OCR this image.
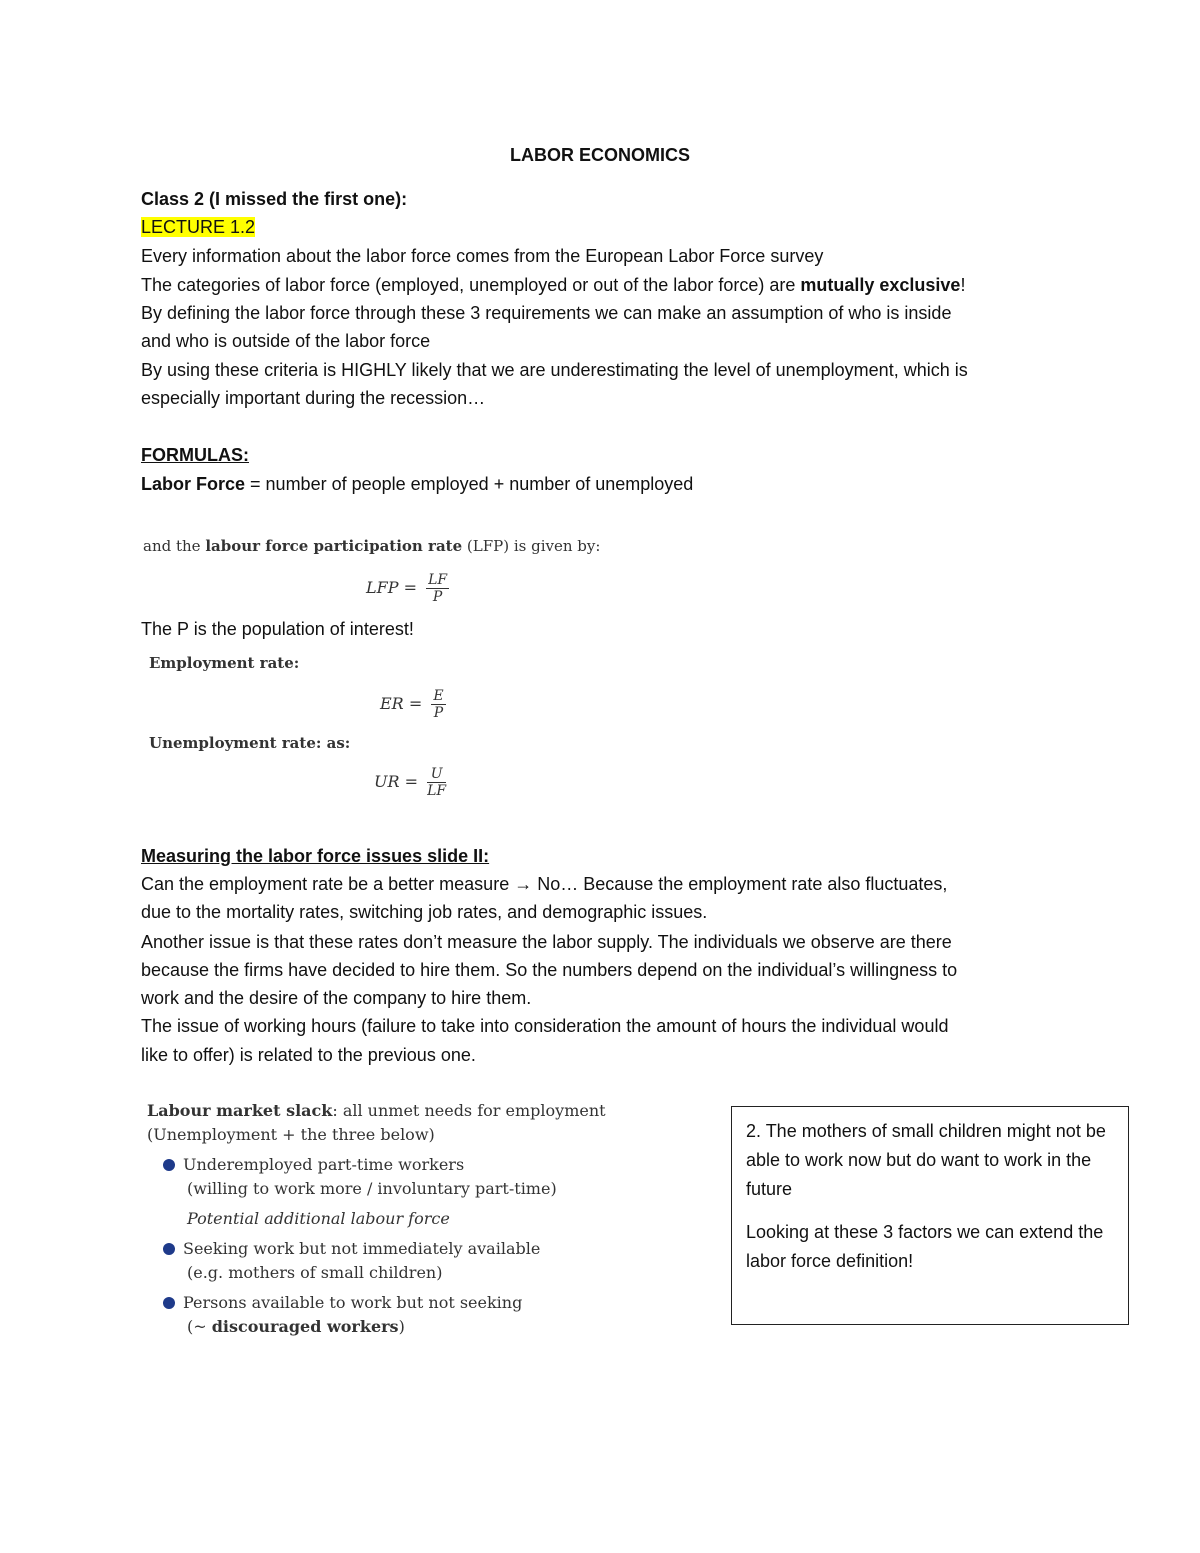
LABOR ECONOMICS
Class 2 (I missed the first one):
LECTURE 1.2
Every information about the labor force comes from the European Labor Force survey
The categories of labor force (employed, unemployed or out of the labor force) are mutually exclusive!
By defining the labor force through these 3 requirements we can make an assumption of who is inside
and who is outside of the labor force
By using these criteria is HIGHLY likely that we are underestimating the level of unemployment, which is
especially important during the recession…
FORMULAS:
Labor Force = number of people employed + number of unemployed
and the labour force participation rate (LFP) is given by:
LFP = $\frac{LF}{P}$
The P is the population of interest!
Employment rate:
ER = $\frac{E}{P}$
Unemployment rate: as:
UR = $\frac{U}{LF}$
Measuring the labor force issues slide II:
Can the employment rate be a better measure → No… Because the employment rate also fluctuates,
due to the mortality rates, switching job rates, and demographic issues.
Another issue is that these rates don’t measure the labor supply. The individuals we observe are there
because the firms have decided to hire them. So the numbers depend on the individual’s willingness to
work and the desire of the company to hire them.
The issue of working hours (failure to take into consideration the amount of hours the individual would
like to offer) is related to the previous one.
Labour market slack: all unmet needs for employment
(Unemployment + the three below)
Underemployed part-time workers
(willing to work more / involuntary part-time)
Potential additional labour force
Seeking work but not immediately available
(e.g. mothers of small children)
Persons available to work but not seeking
(~ discouraged workers)

2. The mothers of small children might not be able to work now but do want to work in the future

Looking at these 3 factors we can extend the labor force definition!
